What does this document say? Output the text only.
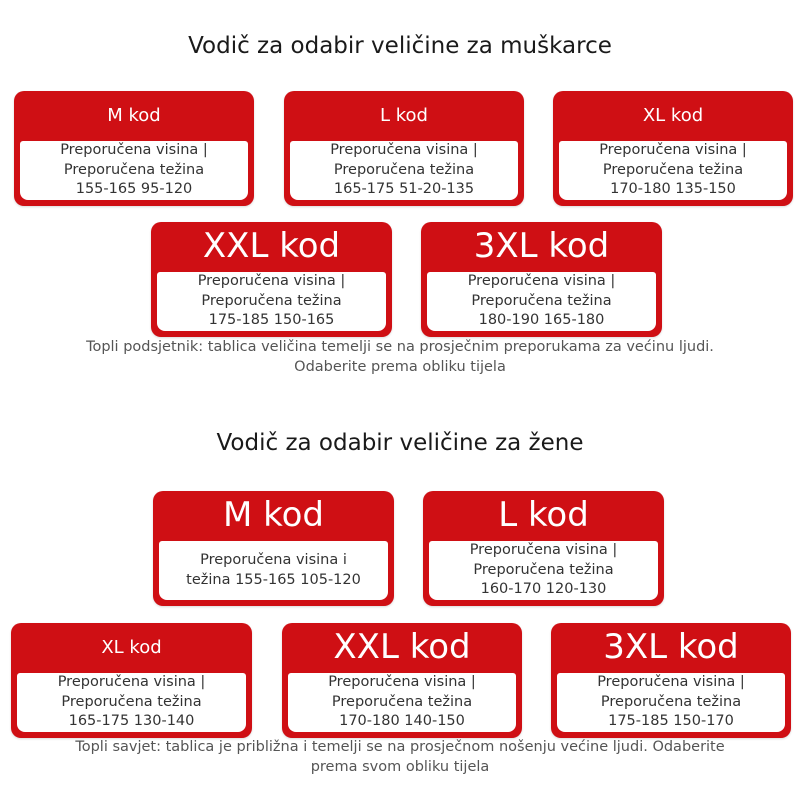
Vodič za odabir veličine za muškarce
M kod
Preporučena visina |
Preporučena težina
155-165 95-120
L kod
Preporučena visina |
Preporučena težina
165-175 51-20-135
XL kod
Preporučena visina |
Preporučena težina
170-180 135-150
XXL kod
Preporučena visina |
Preporučena težina
175-185 150-165
3XL kod
Preporučena visina |
Preporučena težina
180-190 165-180
Topli podsjetnik: tablica veličina temelji se na prosječnim preporukama za većinu ljudi.
Odaberite prema obliku tijela
Vodič za odabir veličine za žene
M kod
Preporučena visina i
težina 155-165 105-120
L kod
Preporučena visina |
Preporučena težina
160-170 120-130
XL kod
Preporučena visina |
Preporučena težina
165-175 130-140
XXL kod
Preporučena visina |
Preporučena težina
170-180 140-150
3XL kod
Preporučena visina |
Preporučena težina
175-185 150-170
Topli savjet: tablica je približna i temelji se na prosječnom nošenju većine ljudi. Odaberite
prema svom obliku tijela
